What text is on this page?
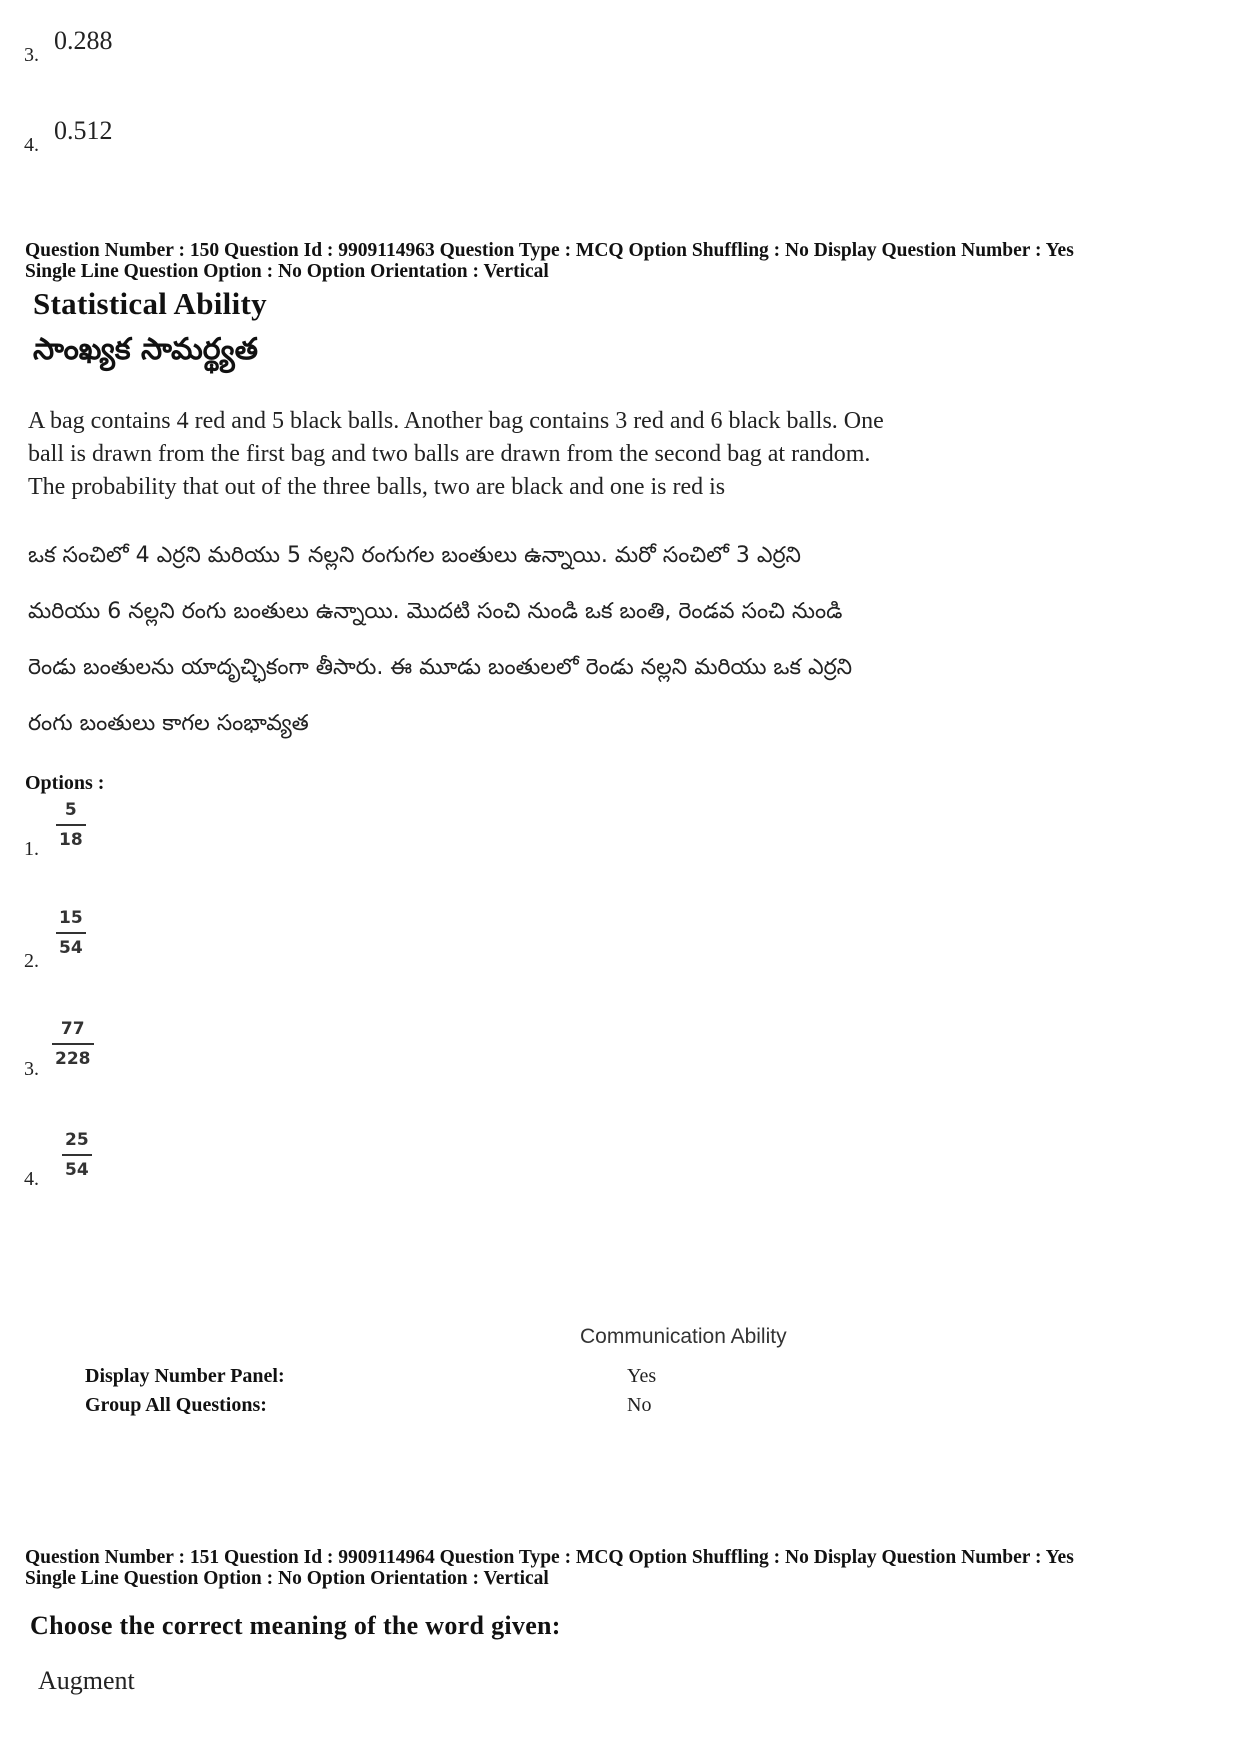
3. 0.288
4. 0.512
Question Number : 150 Question Id : 9909114963 Question Type : MCQ Option Shuffling : No Display Question Number : Yes
Single Line Question Option : No Option Orientation : Vertical
Statistical Ability
సాంఖ్యక సామర్థ్యత
A bag contains 4 red and 5 black balls. Another bag contains 3 red and 6 black balls. One
ball is drawn from the first bag and two balls are drawn from the second bag at random.
The probability that out of the three balls, two are black and one is red is
ఒక సంచిలో 4 ఎర్రని మరియు 5 నల్లని రంగుగల బంతులు ఉన్నాయి. మరో సంచిలో 3 ఎర్రని
మరియు 6 నల్లని రంగు బంతులు ఉన్నాయి. మొదటి సంచి నుండి ఒక బంతి, రెండవ సంచి నుండి
రెండు బంతులను యాదృచ్ఛికంగా తీసారు. ఈ మూడు బంతులలో రెండు నల్లని మరియు ఒక ఎర్రని
రంగు బంతులు కాగల సంభావ్యత
Options :
1.
5
18
2.
15
54
3.
77
228
4.
25
54
Communication Ability
Display Number Panel:	Yes
Group All Questions:	No
Question Number : 151 Question Id : 9909114964 Question Type : MCQ Option Shuffling : No Display Question Number : Yes
Single Line Question Option : No Option Orientation : Vertical
Choose the correct meaning of the word given:
Augment
